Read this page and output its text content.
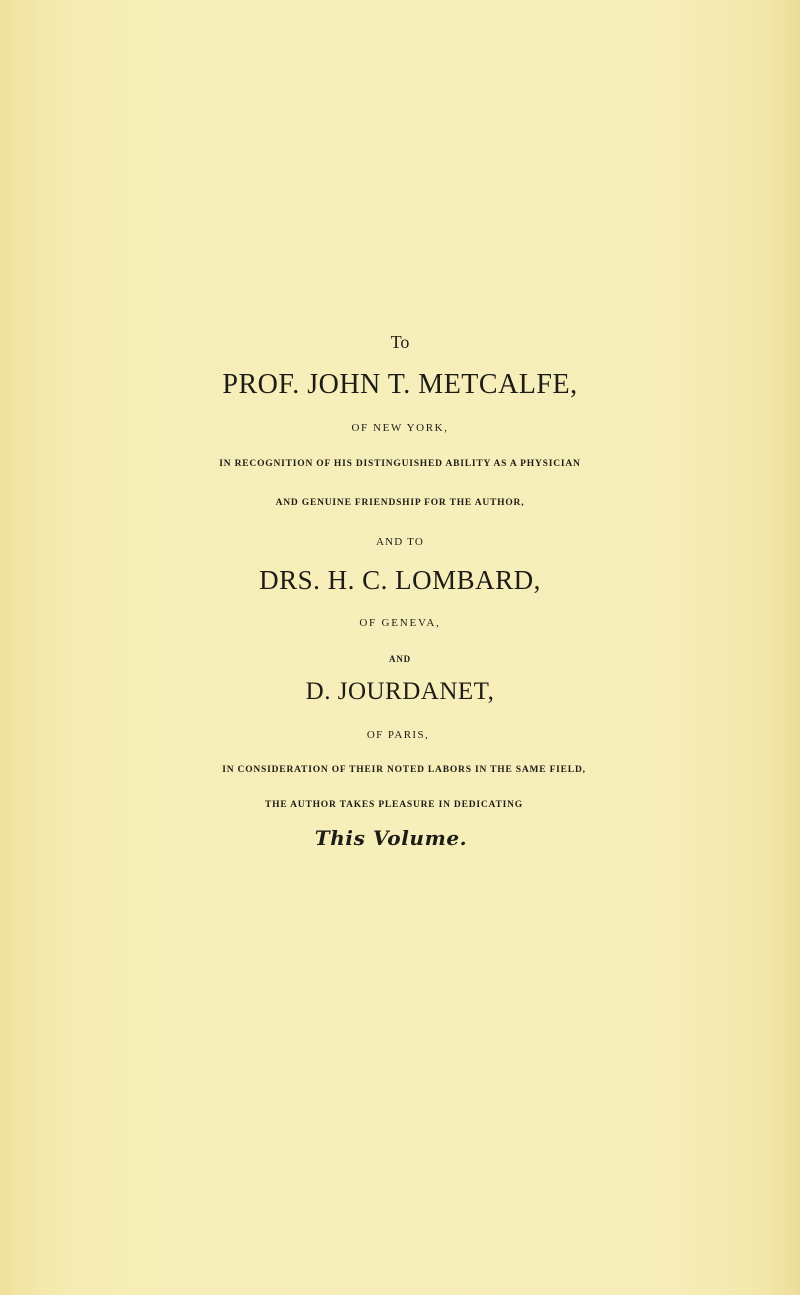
To
PROF. JOHN T. METCALFE,
OF NEW YORK,
IN RECOGNITION OF HIS DISTINGUISHED ABILITY AS A PHYSICIAN
AND GENUINE FRIENDSHIP FOR THE AUTHOR,
AND TO
DRS. H. C. LOMBARD,
OF GENEVA,
AND
D. JOURDANET,
OF PARIS,
IN CONSIDERATION OF THEIR NOTED LABORS IN THE SAME FIELD,
THE AUTHOR TAKES PLEASURE IN DEDICATING
This Volume.
